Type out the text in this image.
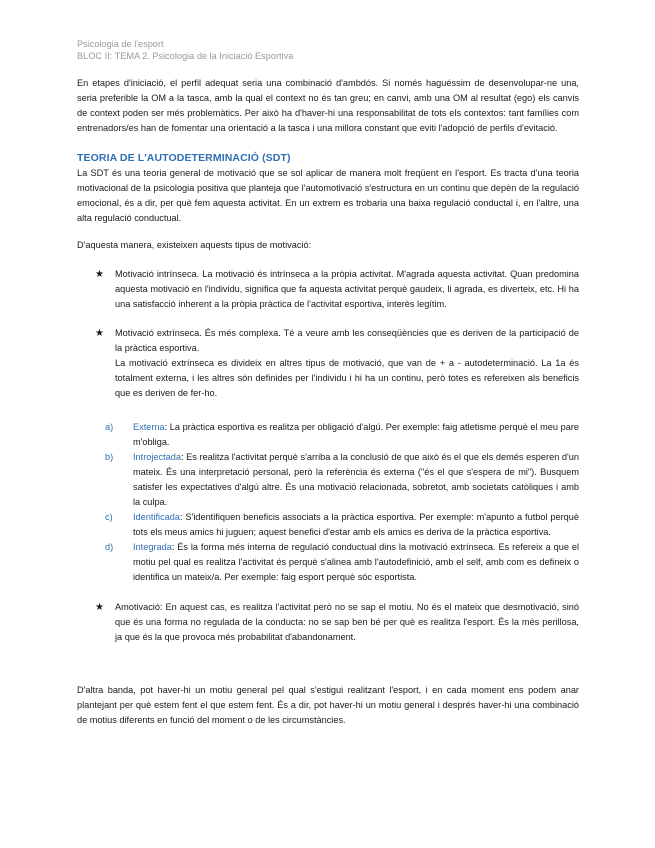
Psicologia de l'esport
BLOC II: TEMA 2. Psicologia de la Iniciació Esportiva

En etapes d'iniciació, el perfil adequat seria una combinació d'ambdós. Si només haguéssim de desenvolupar-ne una, seria preferible la OM a la tasca, amb la qual el context no és tan greu; en canvi, amb una OM al resultat (ego) els canvis de context poden ser més problemàtics. Per això ha d'haver-hi una responsabilitat de tots els contextos: tant famílies com entrenadors/es han de fomentar una orientació a la tasca i una millora constant que eviti l'adopció de perfils d'evitació.

TEORIA DE L'AUTODETERMINACIÓ (SDT)

La SDT és una teoria general de motivació que se sol aplicar de manera molt freqüent en l'esport. Es tracta d'una teoria motivacional de la psicologia positiva que planteja que l'automotivació s'estructura en un continu que depèn de la regulació emocional, és a dir, per què fem aquesta activitat. En un extrem es trobaria una baixa regulació conductal i, en l'altre, una alta regulació conductual.

D'aquesta manera, existeixen aquests tipus de motivació:

★ Motivació intrínseca. La motivació és intrínseca a la pròpia activitat. M'agrada aquesta activitat. Quan predomina aquesta motivació en l'individu, significa que fa aquesta activitat perquè gaudeix, li agrada, es diverteix, etc. Hi ha una satisfacció inherent a la pròpia pràctica de l'activitat esportiva, interès legítim.

★ Motivació extrínseca. És més complexa. Té a veure amb les conseqüències que es deriven de la participació de la pràctica esportiva.

La motivació extrínseca es divideix en altres tipus de motivació, que van de + a - autodeterminació. La 1a és totalment externa, i les altres són definides per l'individu i hi ha un continu, però totes es refereixen als beneficis que es deriven de fer-ho.

a) Externa: La pràctica esportiva es realitza per obligació d'algú. Per exemple: faig atletisme perquè el meu pare m'obliga.
b) Introjectada: Es realitza l'activitat perquè s'arriba a la conclusió de que això és el que els demés esperen d'un mateix. És una interpretació personal, però la referència és externa ("és el que s'espera de mi"). Busquem satisfer les expectatives d'algú altre. És una motivació relacionada, sobretot, amb societats catòliques i amb la culpa.
c) Identificada: S'identifiquen beneficis associats a la pràctica esportiva. Per exemple: m'apunto a futbol perquè tots els meus amics hi juguen; aquest benefici d'estar amb els amics es deriva de la pràctica esportiva.
d) Integrada: És la forma més interna de regulació conductual dins la motivació extrínseca. Es refereix a que el motiu pel qual es realitza l'activitat és perquè s'alinea amb l'autodefinició, amb el self, amb com es defineix o identifica un mateix/a. Per exemple: faig esport perquè sóc esportista.
★ Amotivació: En aquest cas, es realitza l'activitat però no se sap el motiu. No és el mateix que desmotivació, sinó que és una forma no regulada de la conducta: no se sap ben bé per què es realitza l'esport. És la més perillosa, ja que és la que provoca més probabilitat d'abandonament.

D'altra banda, pot haver-hi un motiu general pel qual s'estigui realitzant l'esport, i en cada moment ens podem anar plantejant per què estem fent el que estem fent. És a dir, pot haver-hi un motiu general i després haver-hi una combinació de motius diferents en funció del moment o de les circumstàncies.
